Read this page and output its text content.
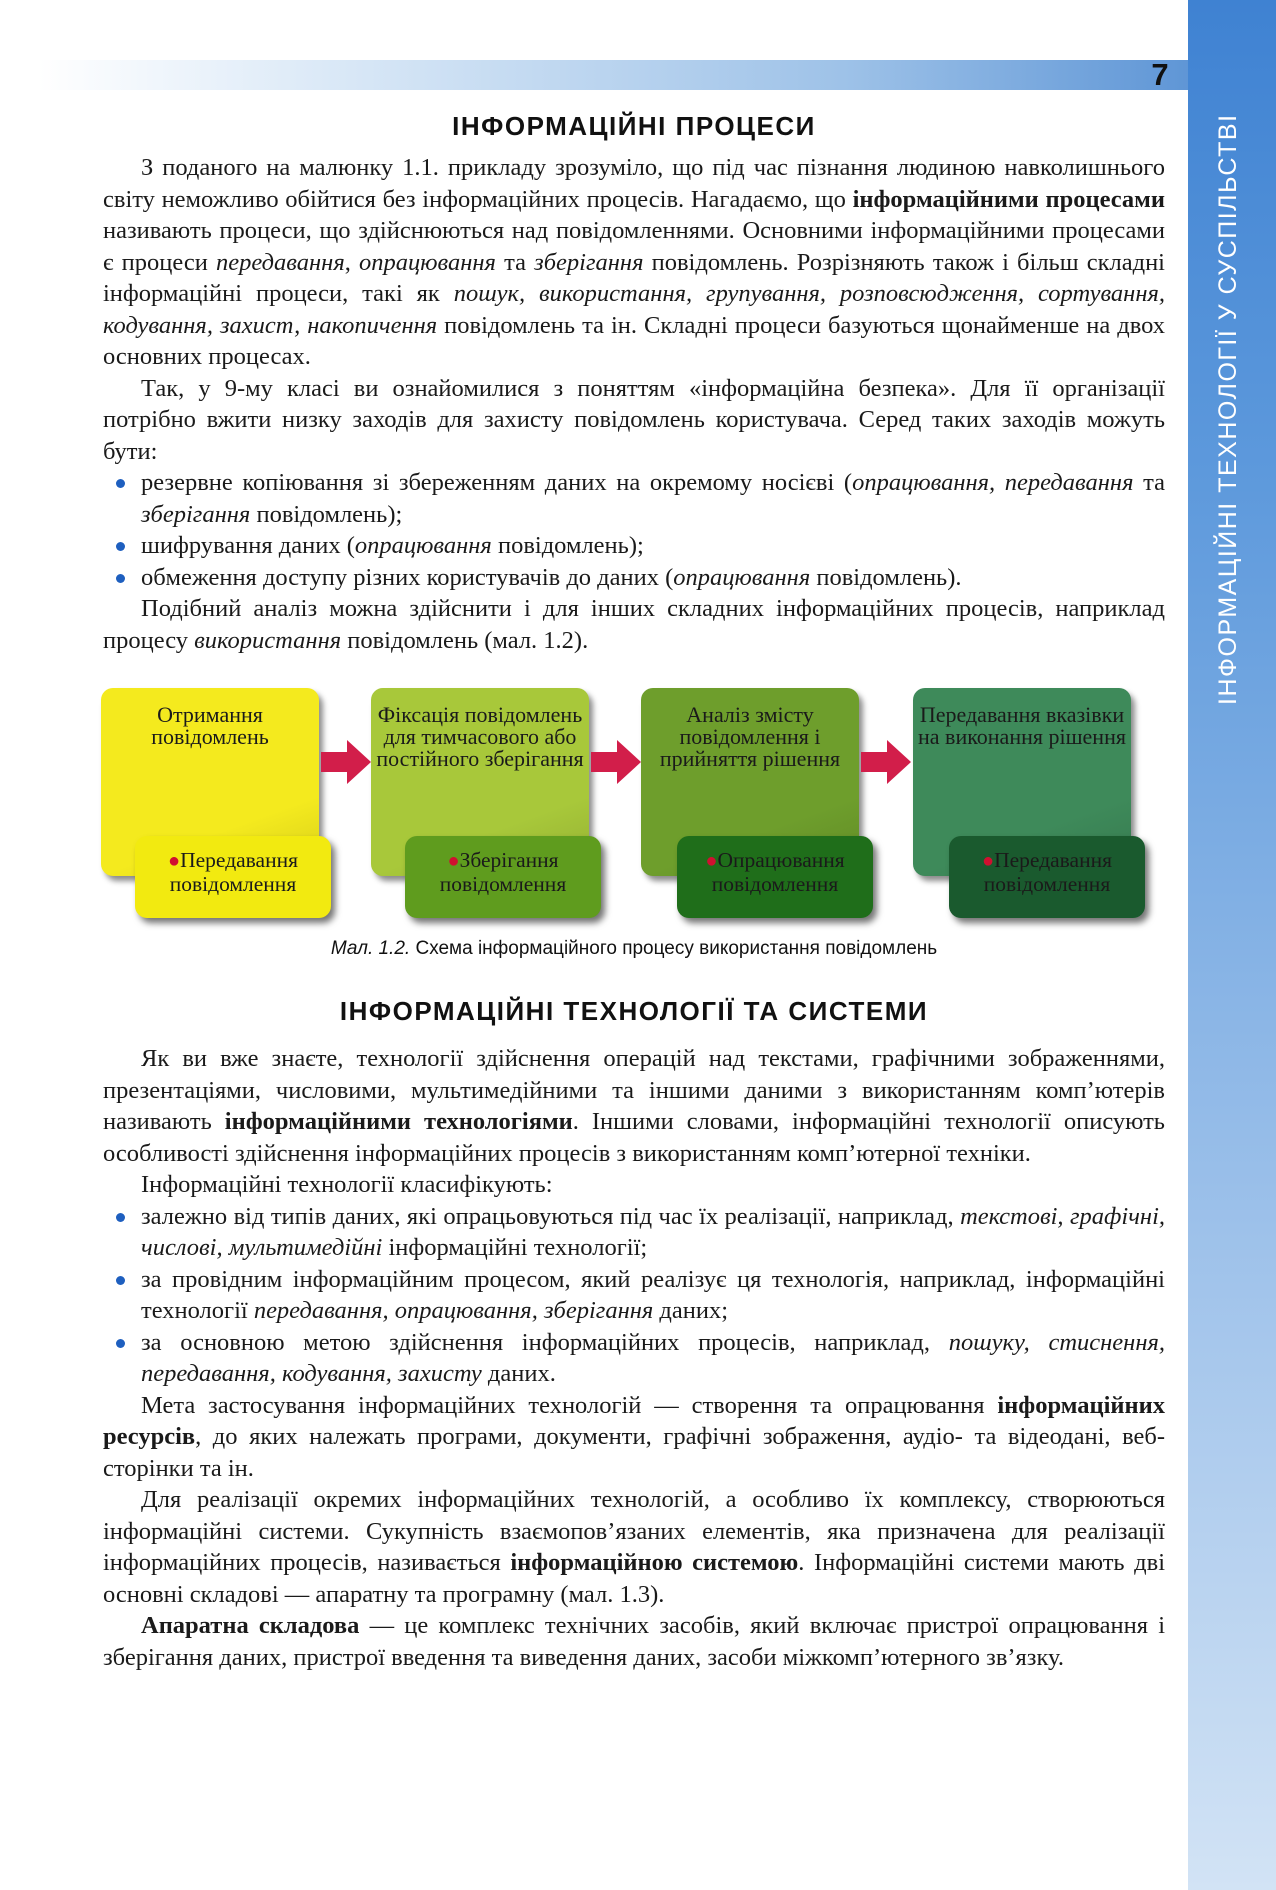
7
ІНФОРМАЦІЙНІ ТЕХНОЛОГІЇ У СУСПІЛЬСТВІ
ІНФОРМАЦІЙНІ ПРОЦЕСИ

З поданого на малюнку 1.1. прикладу зрозуміло, що під час пізнання людиною навколишнього світу неможливо обійтися без інформаційних процесів. Нагадаємо, що інформаційними процесами називають процеси, що здійснюються над повідомленнями. Основними інформаційними процесами є процеси передавання, опрацювання та зберігання повідомлень. Розрізняють також і більш складні інформаційні процеси, такі як пошук, використання, групування, розповсюдження, сортування, кодування, захист, накопичення повідомлень та ін. Складні процеси базуються щонайменше на двох основних процесах.

Так, у 9-му класі ви ознайомилися з поняттям «інформаційна безпека». Для її організації потрібно вжити низку заходів для захисту повідомлень користувача. Серед таких заходів можуть бути:

резервне копіювання зі збереженням даних на окремому носієві (опрацювання, передавання та зберігання повідомлень);
шифрування даних (опрацювання повідомлень);
обмеження доступу різних користувачів до даних (опрацювання повідомлень).

Подібний аналіз можна здійснити і для інших складних інформаційних процесів, наприклад процесу використання повідомлень (мал. 1.2).

Отримання повідомлень
Фіксація повідомлень для тимчасового або постійного зберігання
Аналіз змісту повідомлення і прийняття рішення
Передавання вказівки на виконання рішення
●Передавання повідомлення
●Зберігання повідомлення
●Опрацювання повідомлення
●Передавання повідомлення
Мал. 1.2. Схема інформаційного процесу використання повідомлень
ІНФОРМАЦІЙНІ ТЕХНОЛОГІЇ ТА СИСТЕМИ

Як ви вже знаєте, технології здійснення операцій над текстами, графічними зображеннями, презентаціями, числовими, мультимедійними та іншими даними з використанням комп’ютерів називають інформаційними технологіями. Іншими словами, інформаційні технології описують особливості здійснення інформаційних процесів з використанням комп’ютерної техніки.

Інформаційні технології класифікують:

залежно від типів даних, які опрацьовуються під час їх реалізації, наприклад, текстові, графічні, числові, мультимедійні інформаційні технології;
за провідним інформаційним процесом, який реалізує ця технологія, наприклад, інформаційні технології передавання, опрацювання, зберігання даних;
за основною метою здійснення інформаційних процесів, наприклад, пошуку, стиснення, передавання, кодування, захисту даних.

Мета застосування інформаційних технологій — створення та опрацювання інформаційних ресурсів, до яких належать програми, документи, графічні зображення, аудіо- та відеодані, веб-сторінки та ін.

Для реалізації окремих інформаційних технологій, а особливо їх комплексу, створюються інформаційні системи. Сукупність взаємопов’язаних елементів, яка призначена для реалізації інформаційних процесів, називається інформаційною системою. Інформаційні системи мають дві основні складові — апаратну та програмну (мал. 1.3).

Апаратна складова — це комплекс технічних засобів, який включає пристрої опрацювання і зберігання даних, пристрої введення та виведення даних, засоби міжкомп’ютерного зв’язку.
